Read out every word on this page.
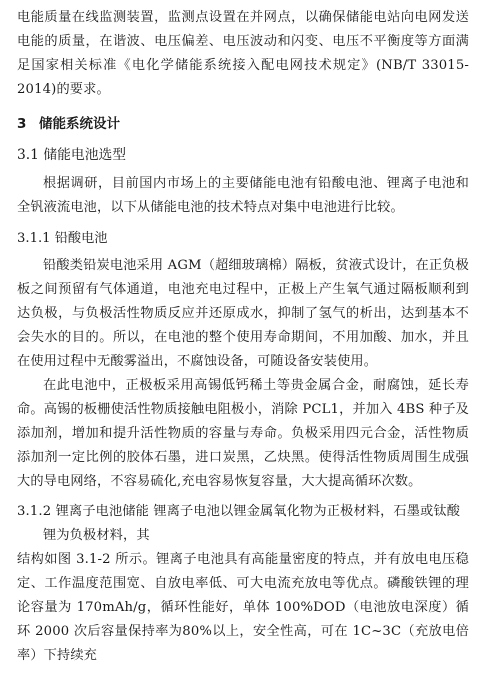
电能质量在线监测装置，监测点设置在并网点，以确保储能电站向电网发送电能的质量，在谐波、电压偏差、电压波动和闪变、电压不平衡度等方面满足国家相关标准《电化学储能系统接入配电网技术规定》(NB/T 33015-2014)的要求。

3 储能系统设计
3.1 储能电池选型

根据调研，目前国内市场上的主要储能电池有铅酸电池、锂离子电池和全钒液流电池，以下从储能电池的技术特点对集中电池进行比较。

3.1.1 铅酸电池

铅酸类铅炭电池采用 AGM（超细玻璃棉）隔板，贫液式设计，在正负极板之间预留有气体通道，电池充电过程中，正极上产生氧气通过隔板顺利到达负极，与负极活性物质反应并还原成水，抑制了氢气的析出，达到基本不会失水的目的。所以，在电池的整个使用寿命期间，不用加酸、加水，并且在使用过程中无酸雾溢出，不腐蚀设备，可随设备安装使用。

在此电池中，正极板采用高锡低钙稀土等贵金属合金，耐腐蚀，延长寿命。高锡的板栅使活性物质接触电阻极小，消除 PCL1，并加入 4BS 种子及添加剂，增加和提升活性物质的容量与寿命。负极采用四元合金，活性物质添加剂一定比例的胶体石墨，进口炭黑，乙炔黑。使得活性物质周围生成强大的导电网络，不容易硫化,充电容易恢复容量，大大提高循环次数。

3.1.2 锂离子电池储能 锂离子电池以锂金属氧化物为正极材料，石墨或钛酸

锂为负极材料，其

结构如图 3.1-2 所示。锂离子电池具有高能量密度的特点，并有放电电压稳定、工作温度范围宽、自放电率低、可大电流充放电等优点。磷酸铁锂的理论容量为 170mAh/g，循环性能好，单体 100%DOD（电池放电深度）循环 2000 次后容量保持率为80%以上，安全性高，可在 1C~3C（充放电倍率）下持续充
